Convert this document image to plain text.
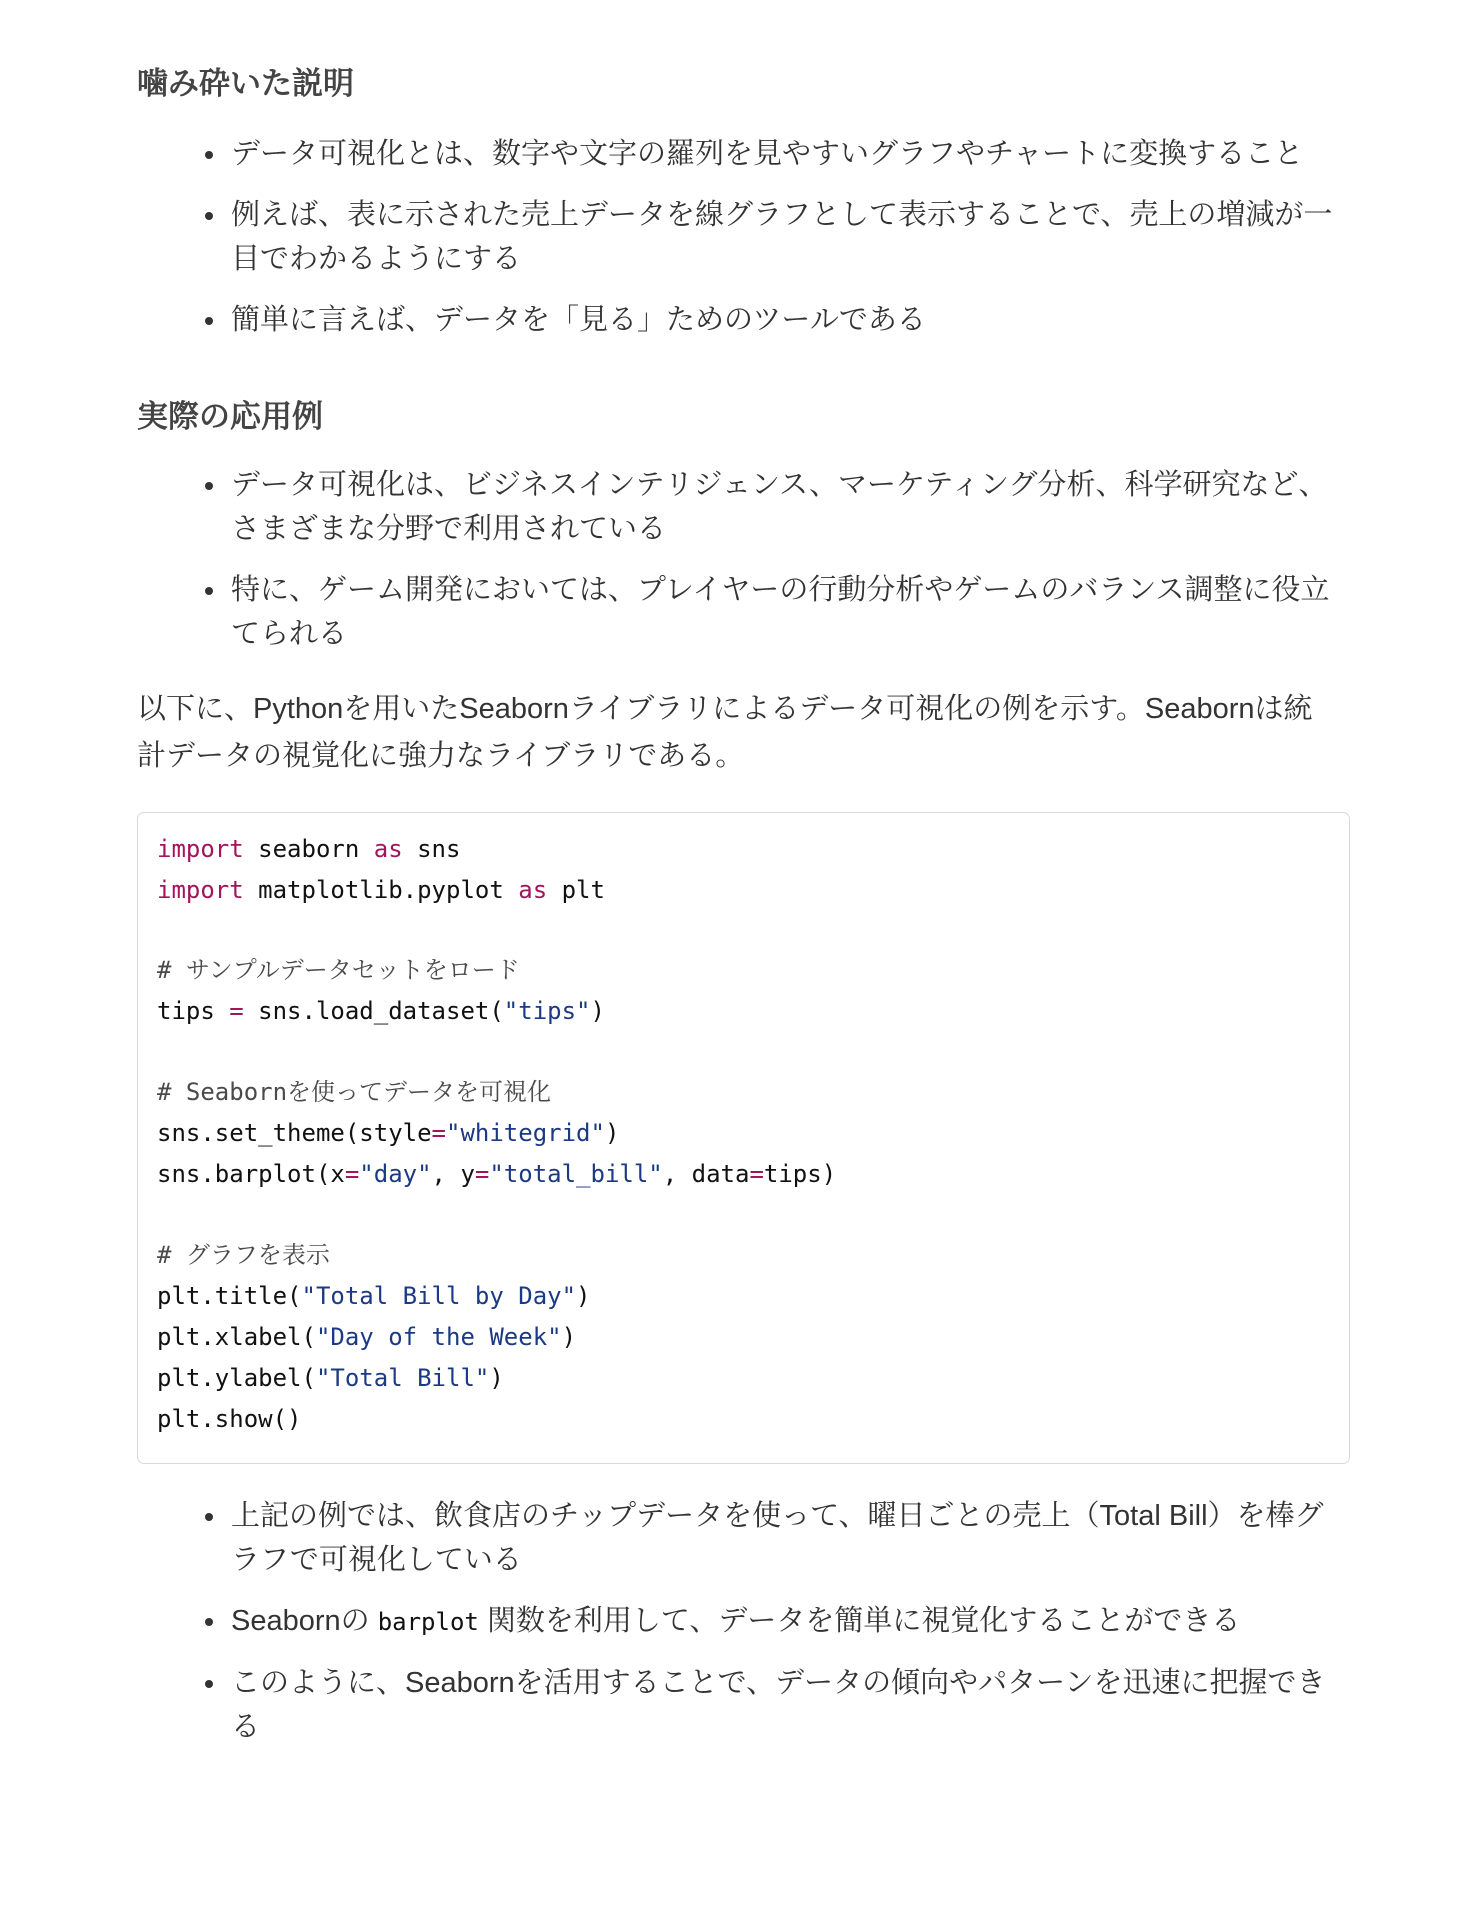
噛み砕いた説明
データ可視化とは、数字や文字の羅列を見やすいグラフやチャートに変換すること
例えば、表に示された売上データを線グラフとして表示することで、売上の増減が一
目でわかるようにする
簡単に言えば、データを「見る」ためのツールである
実際の応用例
データ可視化は、ビジネスインテリジェンス、マーケティング分析、科学研究など、
さまざまな分野で利用されている
特に、ゲーム開発においては、プレイヤーの行動分析やゲームのバランス調整に役立
てられる

以下に、Pythonを用いたSeabornライブラリによるデータ可視化の例を示す。Seabornは統
計データの視覚化に強力なライブラリである。

import seaborn as sns
import matplotlib.pyplot as plt
# サンプルデータセットをロード
tips = sns.load_dataset("tips")
# Seabornを使ってデータを可視化
sns.set_theme(style="whitegrid")
sns.barplot(x="day", y="total_bill", data=tips)
# グラフを表示
plt.title("Total Bill by Day")
plt.xlabel("Day of the Week")
plt.ylabel("Total Bill")
plt.show()
上記の例では、飲食店のチップデータを使って、曜日ごとの売上（Total Bill）を棒グ
ラフで可視化している
Seabornの barplot 関数を利用して、データを簡単に視覚化することができる
このように、Seabornを活用することで、データの傾向やパターンを迅速に把握でき
る
